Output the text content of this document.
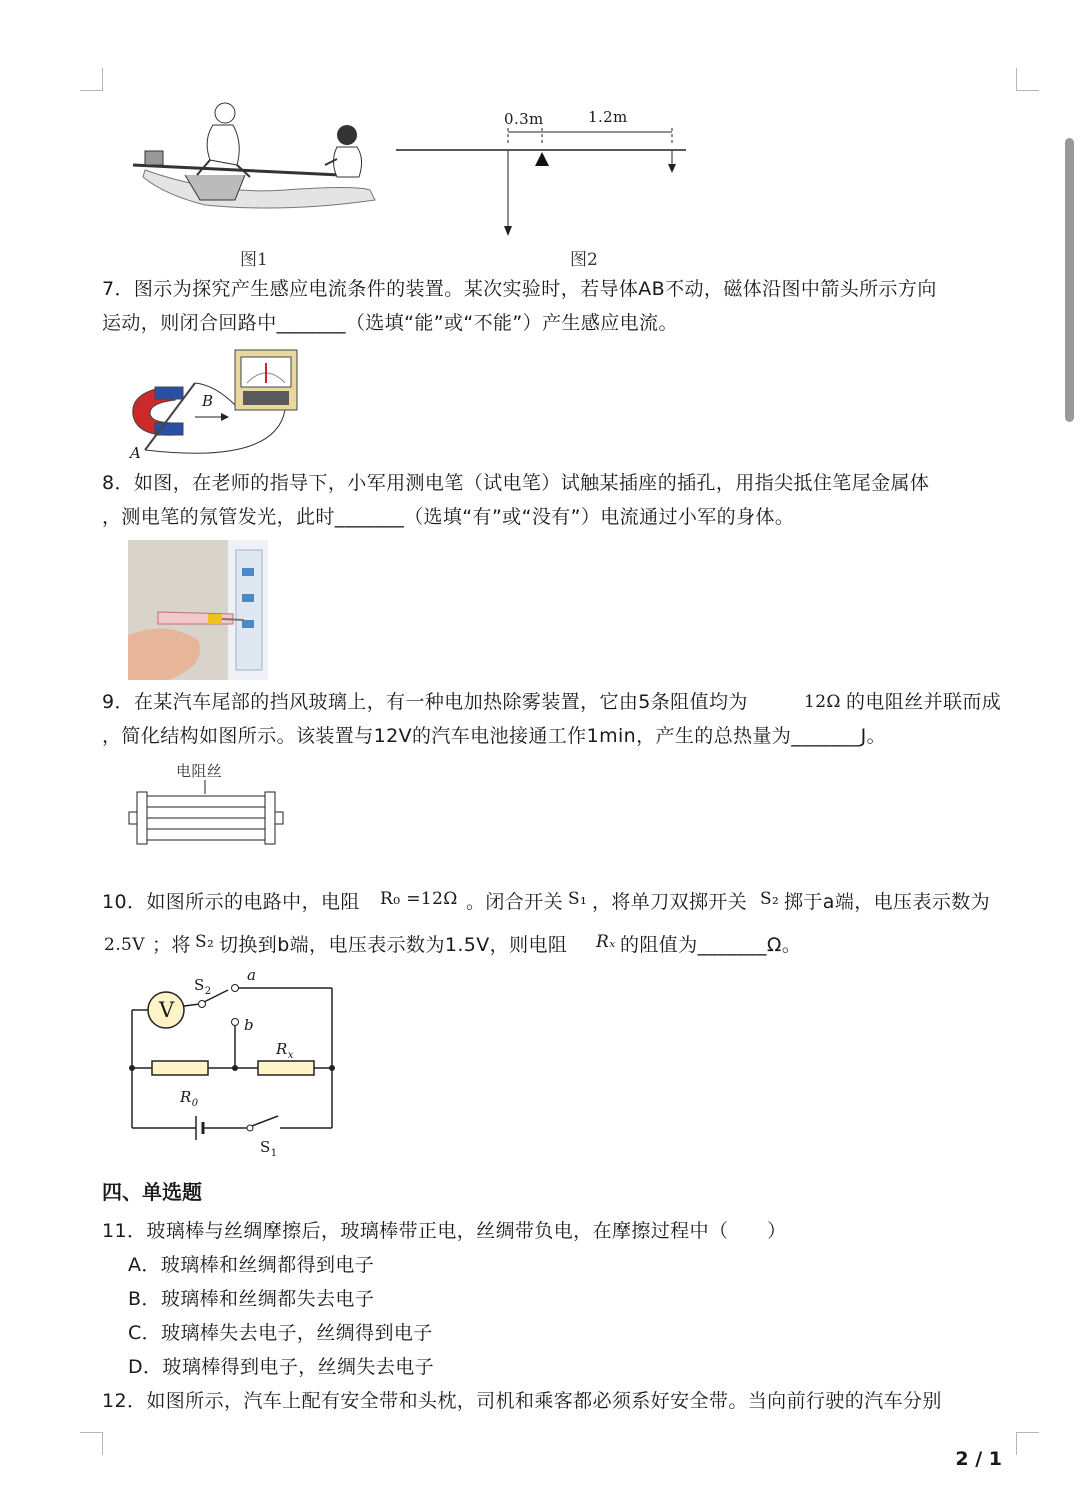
图1
0.3m	1.2m
图2
7．图示为探究产生感应电流条件的装置。某次实验时，若导体AB不动，磁体沿图中箭头所示方向
运动，则闭合回路中_______（选填“能”或“不能”）产生感应电流。
B
A
8．如图，在老师的指导下，小军用测电笔（试电笔）试触某插座的插孔，用指尖抵住笔尾金属体
，测电笔的氖管发光，此时_______（选填“有”或“没有”）电流通过小军的身体。
9．在某汽车尾部的挡风玻璃上，有一种电加热除雾装置，它由5条阻值均为	12Ω 的电阻丝并联而成
，简化结构如图所示。该装置与12V的汽车电池接通工作1min，产生的总热量为_______J。
电阻丝
10．如图所示的电路中，电阻 R₀ =12Ω 。闭合开关 S₁ ，将单刀双掷开关 S₂ 掷于a端，电压表示数为
2.5V ；将 S₂ 切换到b端，电压表示数为1.5V，则电阻 Rₓ 的阻值为_______Ω。
V
$S_2$
a
b
$R_x$
$R_0$
$S_1$
四、单选题
11．玻璃棒与丝绸摩擦后，玻璃棒带正电，丝绸带负电，在摩擦过程中（　　）
A．玻璃棒和丝绸都得到电子
B．玻璃棒和丝绸都失去电子
C．玻璃棒失去电子，丝绸得到电子
D．玻璃棒得到电子，丝绸失去电子
12．如图所示，汽车上配有安全带和头枕，司机和乘客都必须系好安全带。当向前行驶的汽车分别
2 / 1
